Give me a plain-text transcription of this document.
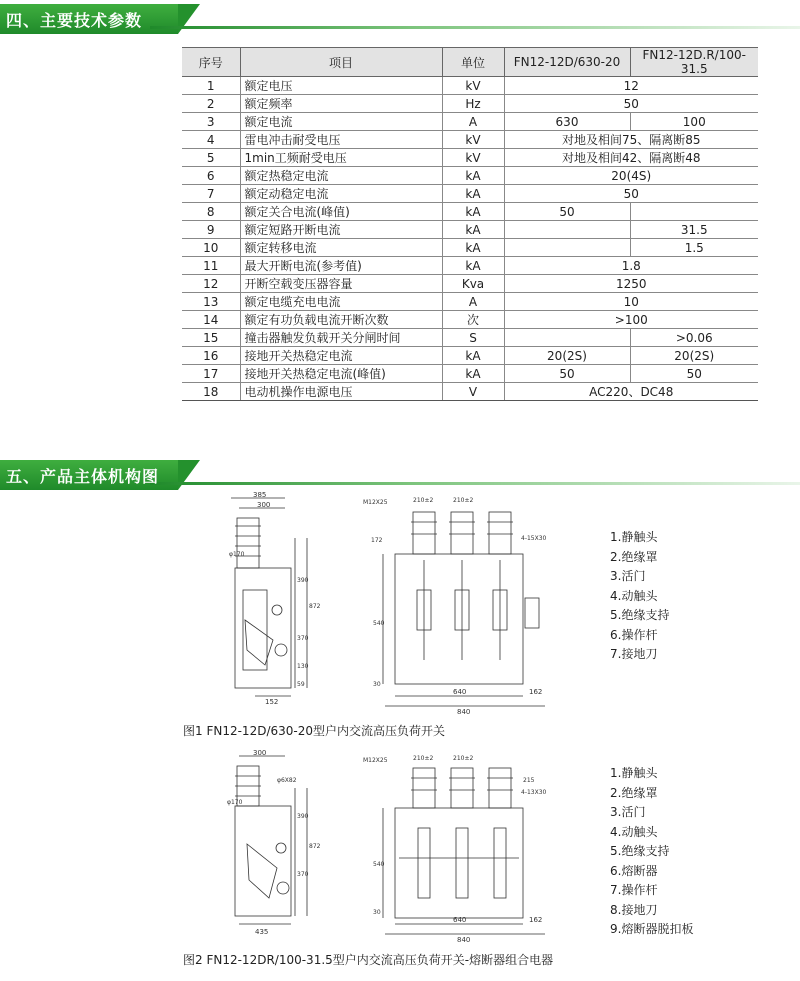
四、主要技术参数
序号	项目	单位	FN12-12D/630-20	FN12-12D.R/100-31.5
1	额定电压	kV	12	
2	额定频率	Hz	50	
3	额定电流	A	630	100
4	雷电冲击耐受电压	kV	对地及相间75、隔离断85	
5	1min工频耐受电压	kV	对地及相间42、隔离断48	
6	额定热稳定电流	kA	20(4S)	
7	额定动稳定电流	kA	50	
8	额定关合电流(峰值)	kA	50	
9	额定短路开断电流	kA		31.5
10	额定转移电流	kA		1.5
11	最大开断电流(参考值)	kA	1.8	
12	开断空载变压器容量	Kva	1250	
13	额定电缆充电电流	A	10	
14	额定有功负载电流开断次数	次	>100	
15	撞击器触发负载开关分闸时间	S		>0.06
16	接地开关热稳定电流	kA	20(2S)	20(2S)
17	接地开关热稳定电流(峰值)	kA	50	50
18	电动机操作电源电压	V	AC220、DC48	
五、产品主体机构图
385
300
φ170
390
872
370
130
59
152
M12X25	210±2	210±2
4-15X30
172
540
30
640	162
840
1.静触头
2.绝缘罩
3.活门
4.动触头
5.绝缘支持
6.操作杆
7.接地刀
图1 FN12-12D/630-20型户内交流高压负荷开关
300
φ6X82
φ170
390
872
370
435
M12X25	210±2	210±2
215
4-13X30
540
30
640	162
840
1.静触头
2.绝缘罩
3.活门
4.动触头
5.绝缘支持
6.熔断器
7.操作杆
8.接地刀
9.熔断器脱扣板
图2 FN12-12DR/100-31.5型户内交流高压负荷开关-熔断器组合电器
